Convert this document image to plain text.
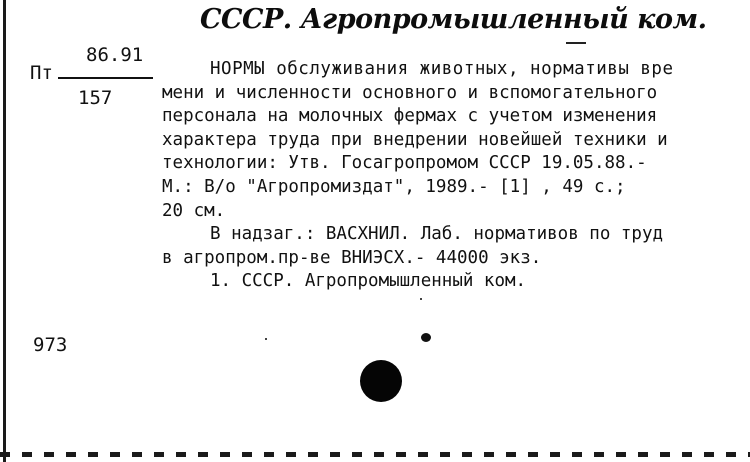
СССР. Агропромышленный ком.
Пт
86.91
157
НОРМЫ обслуживания животных, нормативы вре
мени и численности основного и вспомогательного
персонала на молочных фермах с учетом изменения
характера труда при внедрении новейшей техники и
технологии: Утв. Госагропромом СССР 19.05.88.-
М.: В/о "Агропромиздат", 1989.- [1] , 49 с.;
20 см.
В надзаг.: ВАСХНИЛ. Лаб. нормативов по труд
в агропром.пр-ве ВНИЭСХ.- 44000 экз.
1. СССР. Агропромышленный ком.
973
